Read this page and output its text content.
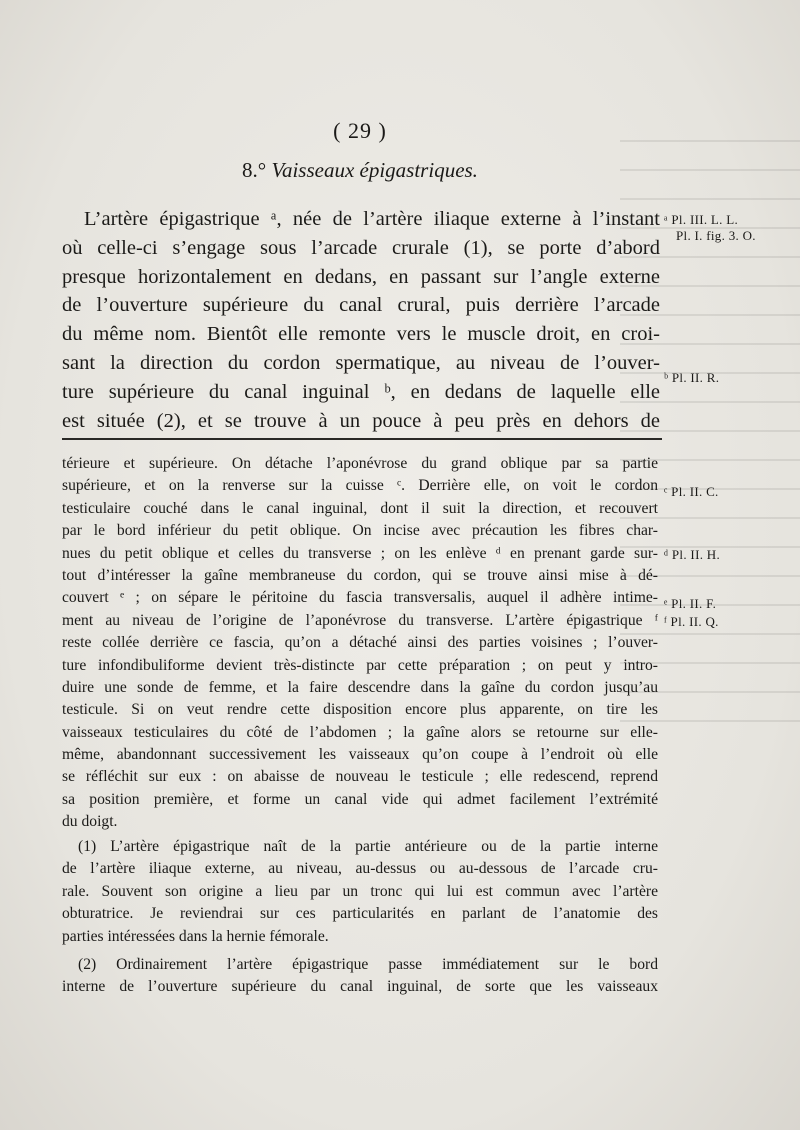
( 29 )
8.° Vaisseaux épigastriques.
L’artère épigastrique ᵃ, née de l’artère iliaque externe à l’instant
où celle-ci s’engage sous l’arcade crurale (1), se porte d’abord
presque horizontalement en dedans, en passant sur l’angle externe
de l’ouverture supérieure du canal crural, puis derrière l’arcade
du même nom. Bientôt elle remonte vers le muscle droit, en croi-
sant la direction du cordon spermatique, au niveau de l’ouver-
ture supérieure du canal inguinal ᵇ, en dedans de laquelle elle
est située (2), et se trouve à un pouce à peu près en dehors de
térieure et supérieure. On détache l’aponévrose du grand oblique par sa partie
supérieure, et on la renverse sur la cuisse ᶜ. Derrière elle, on voit le cordon
testiculaire couché dans le canal inguinal, dont il suit la direction, et recouvert
par le bord inférieur du petit oblique. On incise avec précaution les fibres char-
nues du petit oblique et celles du transverse ; on les enlève ᵈ en prenant garde sur-
tout d’intéresser la gaîne membraneuse du cordon, qui se trouve ainsi mise à dé-
couvert ᵉ ; on sépare le péritoine du fascia transversalis, auquel il adhère intime-
ment au niveau de l’origine de l’aponévrose du transverse. L’artère épigastrique ᶠ
reste collée derrière ce fascia, qu’on a détaché ainsi des parties voisines ; l’ouver-
ture infondibuliforme devient très-distincte par cette préparation ; on peut y intro-
duire une sonde de femme, et la faire descendre dans la gaîne du cordon jusqu’au
testicule. Si on veut rendre cette disposition encore plus apparente, on tire les
vaisseaux testiculaires du côté de l’abdomen ; la gaîne alors se retourne sur elle-
même, abandonnant successivement les vaisseaux qu’on coupe à l’endroit où elle
se réfléchit sur eux : on abaisse de nouveau le testicule ; elle redescend, reprend
sa position première, et forme un canal vide qui admet facilement l’extrémité
du doigt.
(1) L’artère épigastrique naît de la partie antérieure ou de la partie interne
de l’artère iliaque externe, au niveau, au-dessus ou au-dessous de l’arcade cru-
rale. Souvent son origine a lieu par un tronc qui lui est commun avec l’artère
obturatrice. Je reviendrai sur ces particularités en parlant de l’anatomie des
parties intéressées dans la hernie fémorale.
(2) Ordinairement l’artère épigastrique passe immédiatement sur le bord
interne de l’ouverture supérieure du canal inguinal, de sorte que les vaisseaux
ᵃ Pl. III. L. L.
Pl. I. fig. 3. O.
ᵇ Pl. II. R.
ᶜ Pl. II. C.
ᵈ Pl. II. H.
ᵉ Pl. II. F.
ᶠ Pl. II. Q.
